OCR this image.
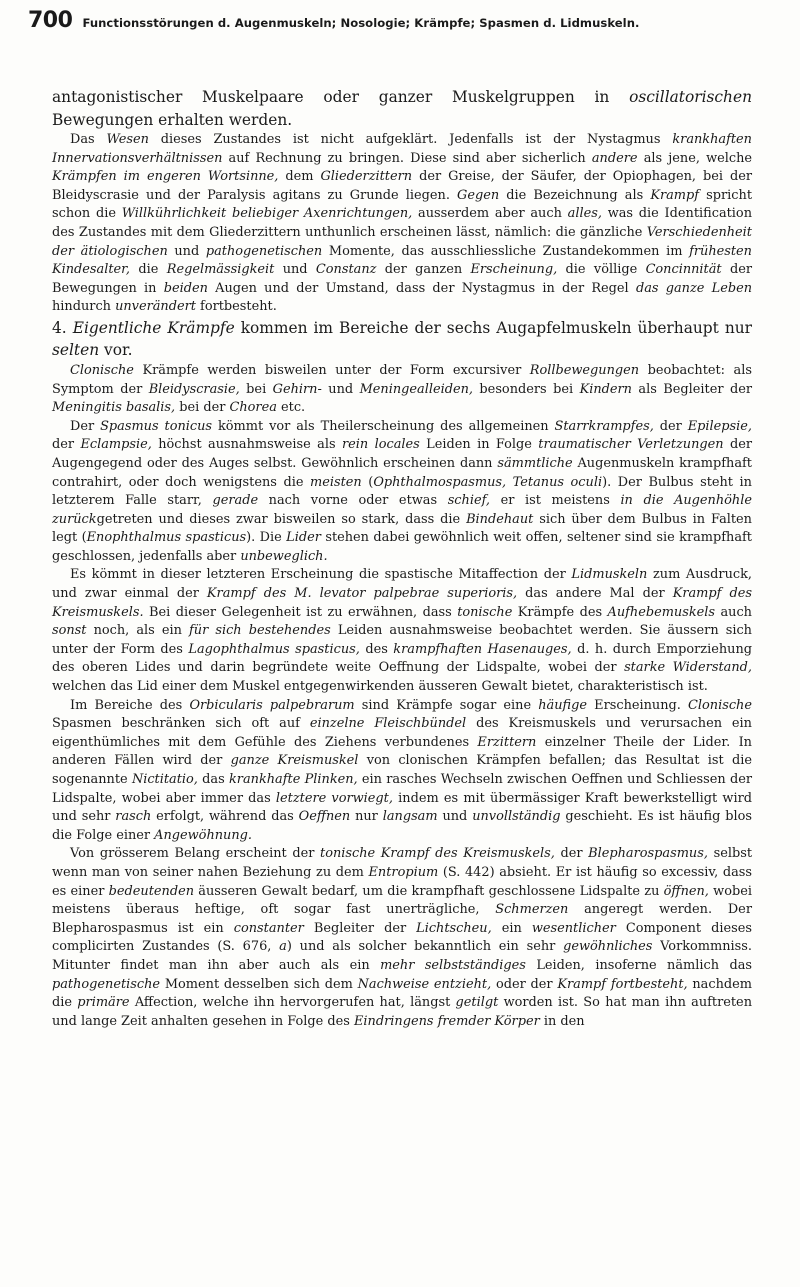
700 Functionsstörungen d. Augenmuskeln; Nosologie; Krämpfe; Spasmen d. Lidmuskeln.

antagonistischer Muskelpaare oder ganzer Muskelgruppen in oscillatorischen Bewegungen erhalten werden.

Das Wesen dieses Zustandes ist nicht aufgeklärt. Jedenfalls ist der Nystagmus krankhaften Innervationsverhältnissen auf Rechnung zu bringen. Diese sind aber sicherlich andere als jene, welche Krämpfen im engeren Wortsinne, dem Gliederzittern der Greise, der Säufer, der Opiophagen, bei der Bleidyscrasie und der Paralysis agitans zu Grunde liegen. Gegen die Bezeichnung als Krampf spricht schon die Willkührlichkeit beliebiger Axenrichtungen, ausserdem aber auch alles, was die Identification des Zustandes mit dem Gliederzittern unthunlich erscheinen lässt, nämlich: die gänzliche Verschiedenheit der ätiologischen und pathogenetischen Momente, das ausschliessliche Zustandekommen im frühesten Kindesalter, die Regelmässigkeit und Constanz der ganzen Erscheinung, die völlige Concinnität der Bewegungen in beiden Augen und der Umstand, dass der Nystagmus in der Regel das ganze Leben hindurch unverändert fortbesteht.

4. Eigentliche Krämpfe kommen im Bereiche der sechs Augapfelmuskeln überhaupt nur selten vor.

Clonische Krämpfe werden bisweilen unter der Form excursiver Rollbewegungen beobachtet: als Symptom der Bleidyscrasie, bei Gehirn- und Meningealleiden, besonders bei Kindern als Begleiter der Meningitis basalis, bei der Chorea etc.

Der Spasmus tonicus kömmt vor als Theilerscheinung des allgemeinen Starrkrampfes, der Epilepsie, der Eclampsie, höchst ausnahmsweise als rein locales Leiden in Folge traumatischer Verletzungen der Augengegend oder des Auges selbst. Gewöhnlich erscheinen dann sämmtliche Augenmuskeln krampfhaft contrahirt, oder doch wenigstens die meisten (Ophthalmospasmus, Tetanus oculi). Der Bulbus steht in letzterem Falle starr, gerade nach vorne oder etwas schief, er ist meistens in die Augenhöhle zurückgetreten und dieses zwar bisweilen so stark, dass die Bindehaut sich über dem Bulbus in Falten legt (Enophthalmus spasticus). Die Lider stehen dabei gewöhnlich weit offen, seltener sind sie krampfhaft geschlossen, jedenfalls aber unbeweglich.

Es kömmt in dieser letzteren Erscheinung die spastische Mitaffection der Lidmuskeln zum Ausdruck, und zwar einmal der Krampf des M. levator palpebrae superioris, das andere Mal der Krampf des Kreismuskels. Bei dieser Gelegenheit ist zu erwähnen, dass tonische Krämpfe des Aufhebemuskels auch sonst noch, als ein für sich bestehendes Leiden ausnahmsweise beobachtet werden. Sie äussern sich unter der Form des Lagophthalmus spasticus, des krampfhaften Hasenauges, d. h. durch Emporziehung des oberen Lides und darin begründete weite Oeffnung der Lidspalte, wobei der starke Widerstand, welchen das Lid einer dem Muskel entgegenwirkenden äusseren Gewalt bietet, charakteristisch ist.

Im Bereiche des Orbicularis palpebrarum sind Krämpfe sogar eine häufige Erscheinung. Clonische Spasmen beschränken sich oft auf einzelne Fleischbündel des Kreismuskels und verursachen ein eigenthümliches mit dem Gefühle des Ziehens verbundenes Erzittern einzelner Theile der Lider. In anderen Fällen wird der ganze Kreismuskel von clonischen Krämpfen befallen; das Resultat ist die sogenannte Nictitatio, das krankhafte Plinken, ein rasches Wechseln zwischen Oeffnen und Schliessen der Lidspalte, wobei aber immer das letztere vorwiegt, indem es mit übermässiger Kraft bewerkstelligt wird und sehr rasch erfolgt, während das Oeffnen nur langsam und unvollständig geschieht. Es ist häufig blos die Folge einer Angewöhnung.

Von grösserem Belang erscheint der tonische Krampf des Kreismuskels, der Blepharospasmus, selbst wenn man von seiner nahen Beziehung zu dem Entropium (S. 442) absieht. Er ist häufig so excessiv, dass es einer bedeutenden äusseren Gewalt bedarf, um die krampfhaft geschlossene Lidspalte zu öffnen, wobei meistens überaus heftige, oft sogar fast unerträgliche, Schmerzen angeregt werden. Der Blepharospasmus ist ein constanter Begleiter der Lichtscheu, ein wesentlicher Component dieses complicirten Zustandes (S. 676, a) und als solcher bekanntlich ein sehr gewöhnliches Vorkommniss. Mitunter findet man ihn aber auch als ein mehr selbstständiges Leiden, insoferne nämlich das pathogenetische Moment desselben sich dem Nachweise entzieht, oder der Krampf fortbesteht, nachdem die primäre Affection, welche ihn hervorgerufen hat, längst getilgt worden ist. So hat man ihn auftreten und lange Zeit anhalten gesehen in Folge des Eindringens fremder Körper in den
